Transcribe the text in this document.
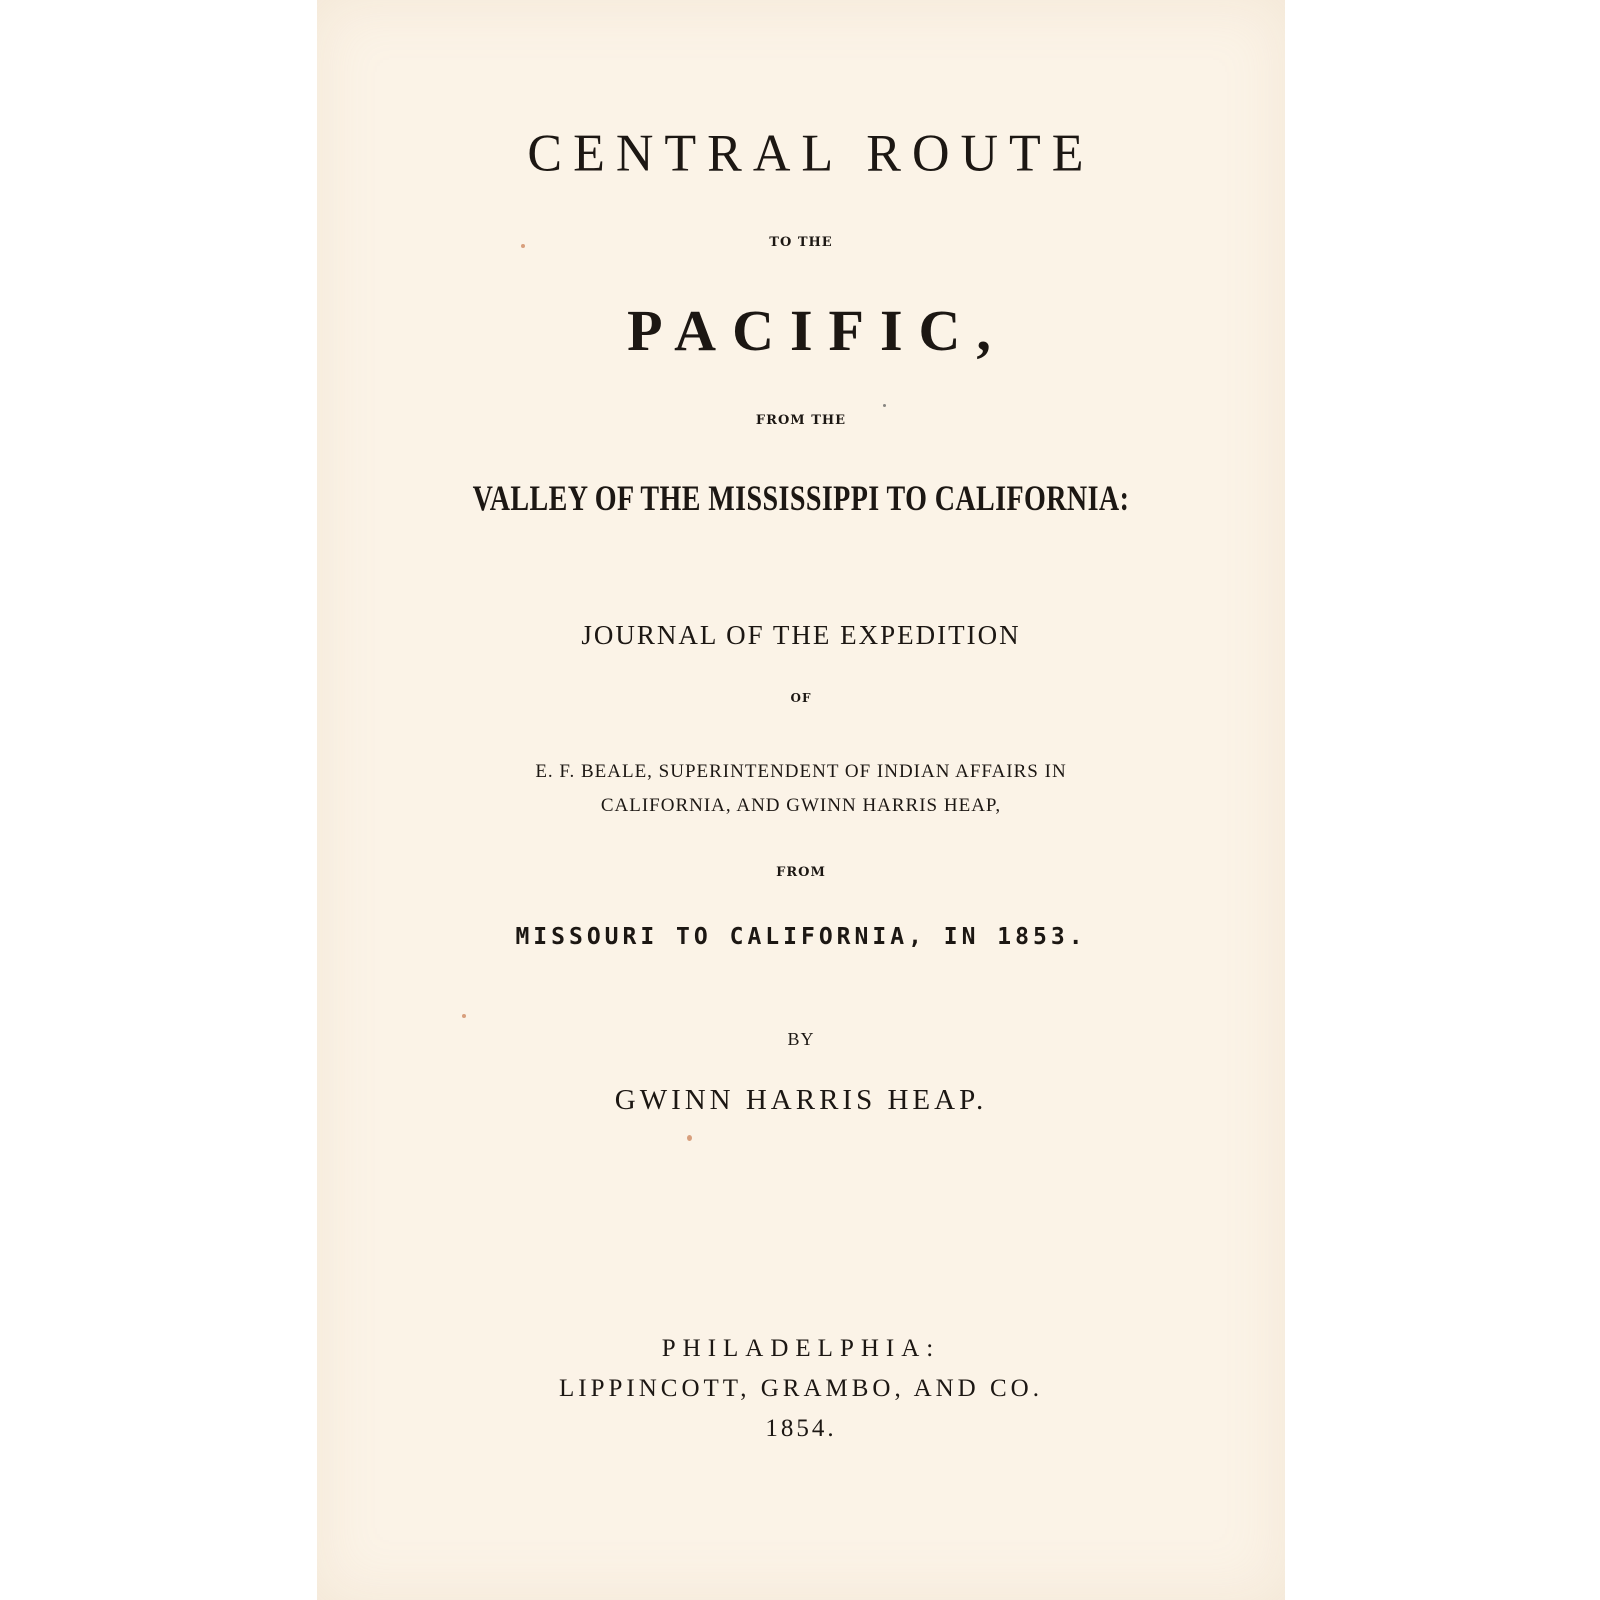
CENTRAL ROUTE
TO THE
PACIFIC,
FROM THE
VALLEY OF THE MISSISSIPPI TO CALIFORNIA:
JOURNAL OF THE EXPEDITION
OF
E. F. BEALE, SUPERINTENDENT OF INDIAN AFFAIRS IN
CALIFORNIA, AND GWINN HARRIS HEAP,
FROM
MISSOURI TO CALIFORNIA, IN 1853.
BY
GWINN HARRIS HEAP.
PHILADELPHIA:
LIPPINCOTT, GRAMBO, AND CO.
1854.
